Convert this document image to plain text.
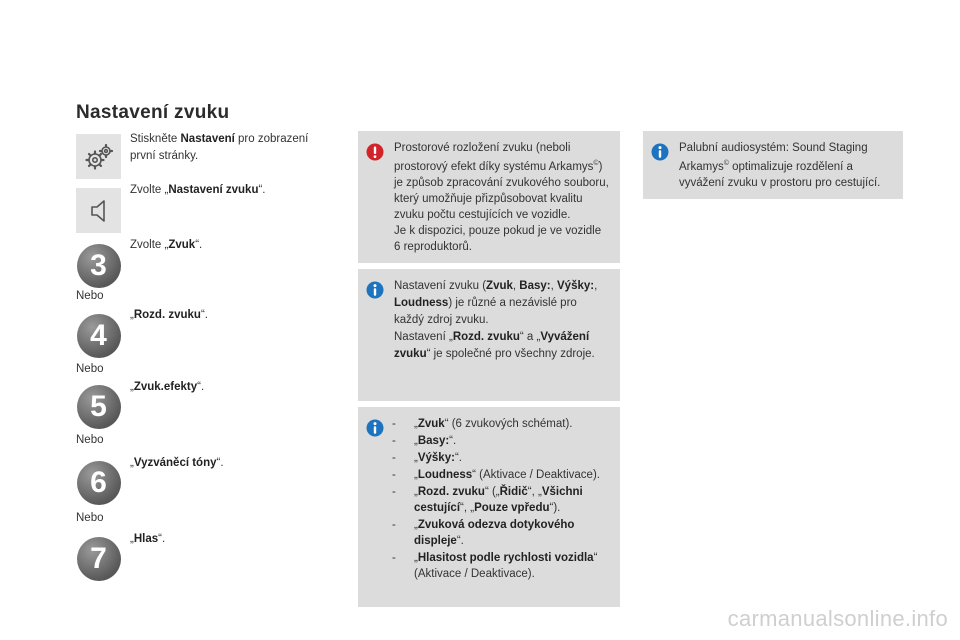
Nastavení zvuku
Stiskněte Nastavení pro zobrazení první stránky.
Zvolte „Nastavení zvuku“.
3
Zvolte „Zvuk“.
Nebo
4
„Rozd. zvuku“.
Nebo
5
„Zvuk.efekty“.
Nebo
6
„Vyzváněcí tóny“.
Nebo
7
„Hlas“.
Prostorové rozložení zvuku (neboli prostorový efekt díky systému Arkamys©) je způsob zpracování zvukového souboru, který umožňuje přizpůsobovat kvalitu zvuku počtu cestujících ve vozidle.
Je k dispozici, pouze pokud je ve vozidle 6 reproduktorů.
Nastavení zvuku (Zvuk, Basy:, Výšky:, Loudness) je různé a nezávislé pro každý zdroj zvuku.
Nastavení „Rozd. zvuku“ a „Vyvážení zvuku“ je společné pro všechny zdroje.
- „Zvuk“ (6 zvukových schémat).
- „Basy:“.
- „Výšky:“.
- „Loudness“ (Aktivace / Deaktivace).
- „Rozd. zvuku“ („Řidič“, „Všichni cestující“, „Pouze vpředu“).
- „Zvuková odezva dotykového displeje“.
- „Hlasitost podle rychlosti vozidla“ (Aktivace / Deaktivace).
Palubní audiosystém: Sound Staging Arkamys© optimalizuje rozdělení a vyvážení zvuku v prostoru pro cestující.
carmanualsonline.info
